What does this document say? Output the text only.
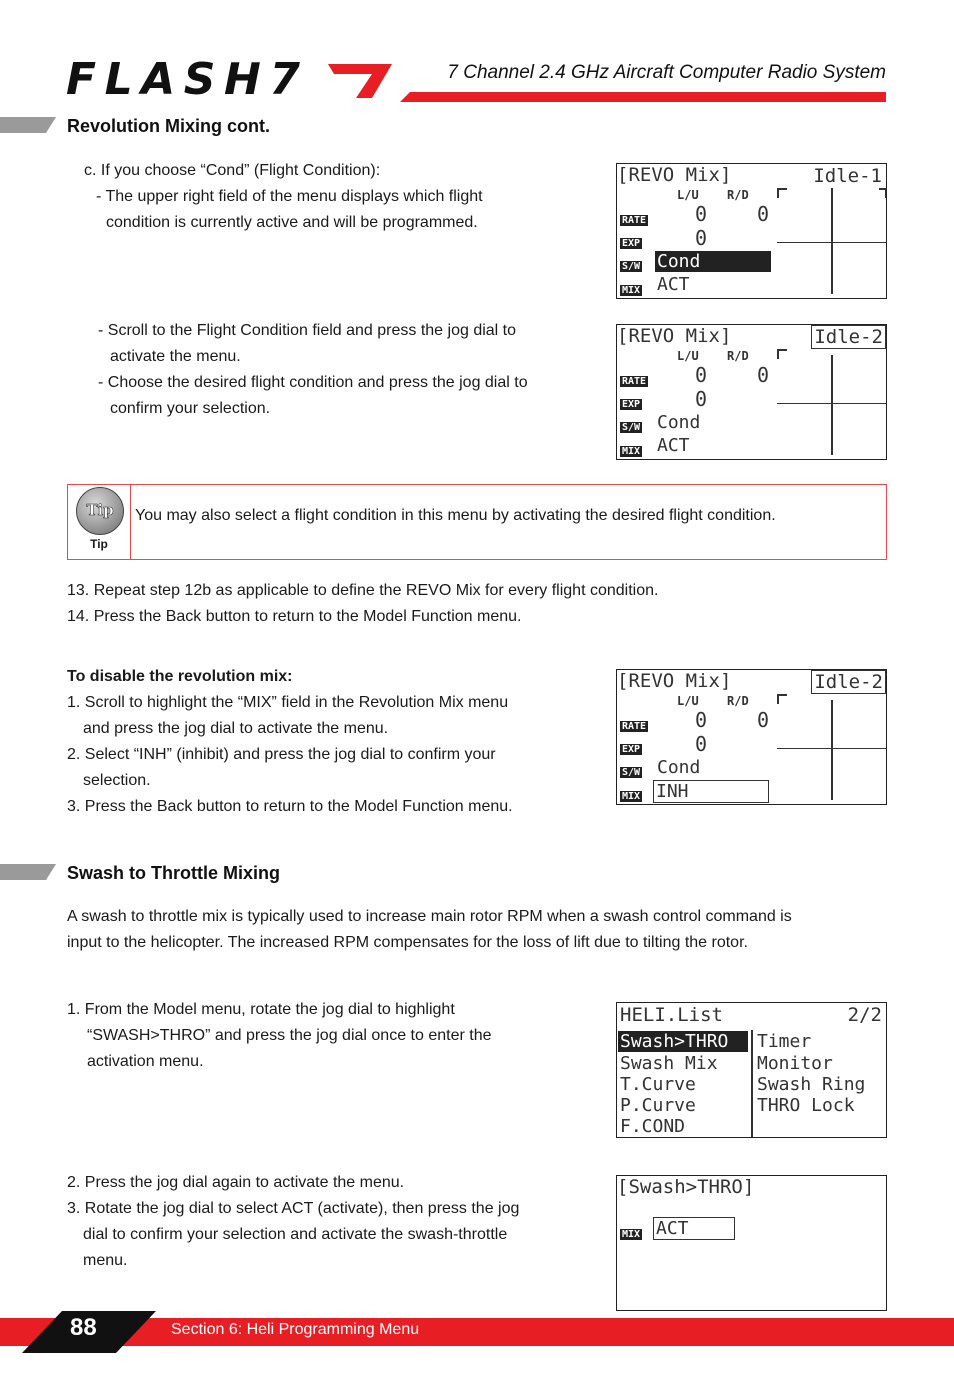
FLASH7	7 Channel 2.4 GHz Aircraft Computer Radio System
Revolution Mixing cont.

c. If you choose “Cond” (Flight Condition):

- The upper right field of the menu displays which flight

condition is currently active and will be programmed.

- Scroll to the Flight Condition field and press the jog dial to

activate the menu.

- Choose the desired flight condition and press the jog dial to

confirm your selection.

[REVO Mix]	Idle-1
L/U R/D
RATE 0 0
EXP	0
S/W Cond
MIX ACT
[REVO Mix]	Idle-2
L/U R/D
RATE 0 0
EXP	0
S/W Cond
MIX ACT
Tip
Tip
You may also select a flight condition in this menu by activating the desired flight condition.

13. Repeat step 12b as applicable to define the REVO Mix for every flight condition.

14. Press the Back button to return to the Model Function menu.

To disable the revolution mix:

1. Scroll to highlight the “MIX” field in the Revolution Mix menu

and press the jog dial to activate the menu.

2. Select “INH” (inhibit) and press the jog dial to confirm your

selection.

3. Press the Back button to return to the Model Function menu.

[REVO Mix]	Idle-2
L/U R/D
RATE 0 0
EXP	0
S/W Cond
MIX INH
Swash to Throttle Mixing

A swash to throttle mix is typically used to increase main rotor RPM when a swash control command is

input to the helicopter. The increased RPM compensates for the loss of lift due to tilting the rotor.

1. From the Model menu, rotate the jog dial to highlight

“SWASH>THRO” and press the jog dial once to enter the

activation menu.

HELI.List	2/2
Swash>THRO
Swash Mix
T.Curve
P.Curve
F.COND
Timer
Monitor
Swash Ring
THRO Lock

2. Press the jog dial again to activate the menu.

3. Rotate the jog dial to select ACT (activate), then press the jog

dial to confirm your selection and activate the swash-throttle

menu.

[Swash>THRO]
MIX ACT
88	Section 6: Heli Programming Menu
